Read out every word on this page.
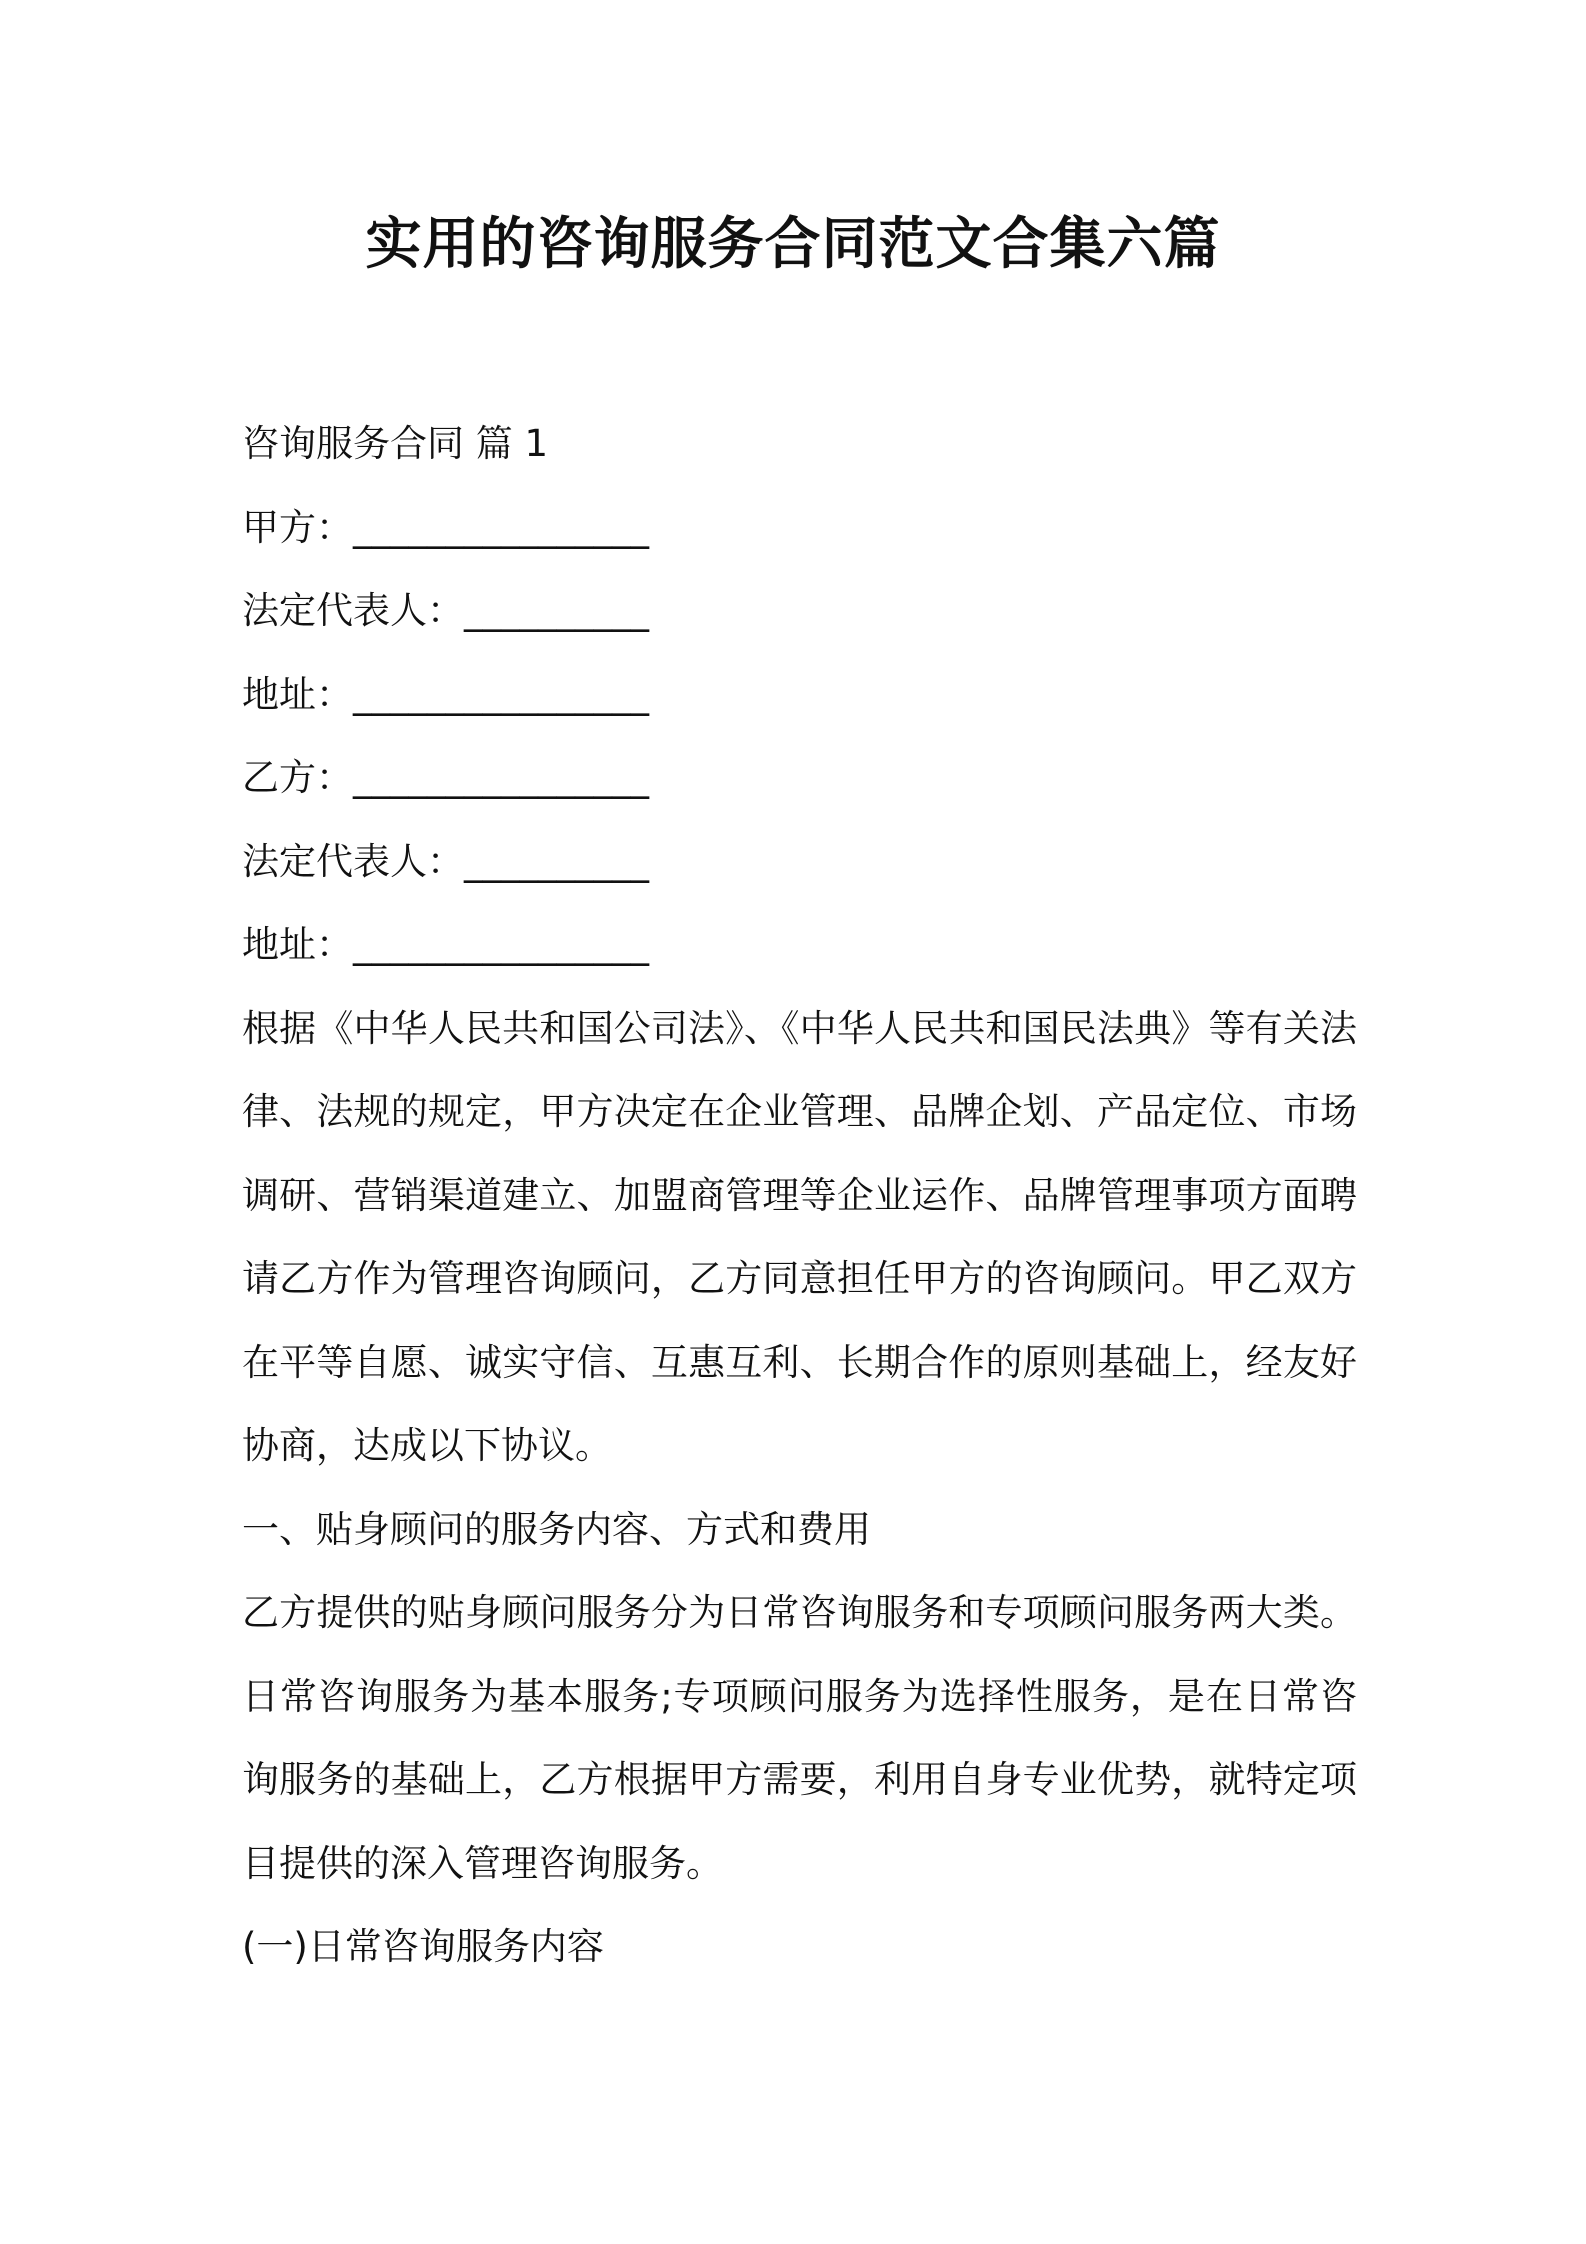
实用的咨询服务合同范文合集六篇

咨询服务合同 篇 1

甲方：________________

法定代表人：__________

地址：________________

乙方：________________

法定代表人：__________

地址：________________

根据《中华人民共和国公司法》、《中华人民共和国民法典》等有关法律、法规的规定，甲方决定在企业管理、品牌企划、产品定位、市场调研、营销渠道建立、加盟商管理等企业运作、品牌管理事项方面聘请乙方作为管理咨询顾问，乙方同意担任甲方的咨询顾问。甲乙双方在平等自愿、诚实守信、互惠互利、长期合作的原则基础上，经友好协商，达成以下协议。

一、贴身顾问的服务内容、方式和费用

乙方提供的贴身顾问服务分为日常咨询服务和专项顾问服务两大类。日常咨询服务为基本服务;专项顾问服务为选择性服务，是在日常咨询服务的基础上，乙方根据甲方需要，利用自身专业优势，就特定项目提供的深入管理咨询服务。

(一)日常咨询服务内容
